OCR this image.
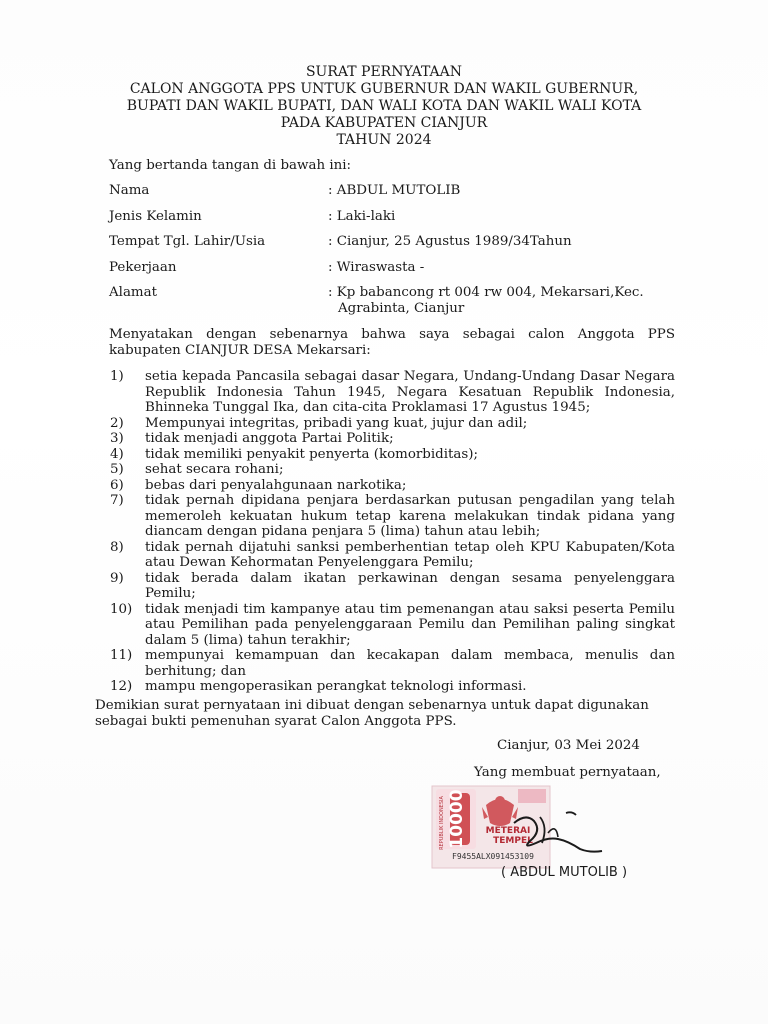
SURAT PERNYATAAN
CALON ANGGOTA PPS UNTUK GUBERNUR DAN WAKIL GUBERNUR,
BUPATI DAN WAKIL BUPATI, DAN WALI KOTA DAN WAKIL WALI KOTA
PADA KABUPATEN CIANJUR
TAHUN 2024
Yang bertanda tangan di bawah ini:
Nama	: ABDUL MUTOLIB
Jenis Kelamin	: Laki-laki
Tempat Tgl. Lahir/Usia	: Cianjur, 25 Agustus 1989/34Tahun
Pekerjaan	: Wiraswasta -
Alamat	: Kp babancong rt 004 rw 004, Mekarsari,Kec.
Agrabinta, Cianjur
Menyatakan dengan sebenarnya bahwa saya sebagai calon Anggota PPS kabupaten CIANJUR DESA Mekarsari:
1) setia kepada Pancasila sebagai dasar Negara, Undang-Undang Dasar Negara Republik Indonesia Tahun 1945, Negara Kesatuan Republik Indonesia, Bhinneka Tunggal Ika, dan cita-cita Proklamasi 17 Agustus 1945;
2) Mempunyai integritas, pribadi yang kuat, jujur dan adil;
3) tidak menjadi anggota Partai Politik;
4) tidak memiliki penyakit penyerta (komorbiditas);
5) sehat secara rohani;
6) bebas dari penyalahgunaan narkotika;
7) tidak pernah dipidana penjara berdasarkan putusan pengadilan yang telah memeroleh kekuatan hukum tetap karena melakukan tindak pidana yang diancam dengan pidana penjara 5 (lima) tahun atau lebih;
8) tidak pernah dijatuhi sanksi pemberhentian tetap oleh KPU Kabupaten/Kota atau Dewan Kehormatan Penyelenggara Pemilu;
9) tidak berada dalam ikatan perkawinan dengan sesama penyelenggara Pemilu;
10) tidak menjadi tim kampanye atau tim pemenangan atau saksi peserta Pemilu atau Pemilihan pada penyelenggaraan Pemilu dan Pemilihan paling singkat dalam 5 (lima) tahun terakhir;
11) mempunyai kemampuan dan kecakapan dalam membaca, menulis dan berhitung; dan
12) mampu mengoperasikan perangkat teknologi informasi.
Demikian surat pernyataan ini dibuat dengan sebenarnya untuk dapat digunakan sebagai bukti pemenuhan syarat Calon Anggota PPS.
Cianjur, 03 Mei 2024
Yang membuat pernyataan,
10000
REPUBLIK INDONESIA	METERAI
TEMPEL
F9455ALX091453109
( ABDUL MUTOLIB )
